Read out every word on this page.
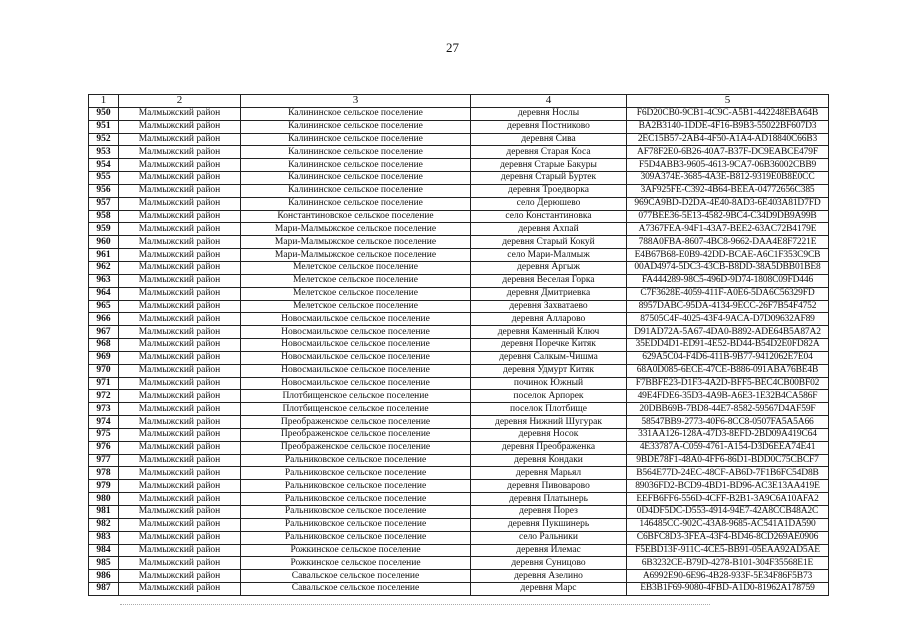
27
1	2	3	4	5
950	Малмыжский район	Калининское сельское поселение	деревня Ноcлы	F6D20CB0-9CB1-4C9C-A5B1-442248EBA64B
951	Малмыжский район	Калининское сельское поселение	деревня Постниково	BA2B3140-1DDE-4F16-B9B3-55022BF607D3
952	Малмыжский район	Калининское сельское поселение	деревня Сива	2EC15B57-2AB4-4F50-A1A4-AD18840C66B3
953	Малмыжский район	Калининское сельское поселение	деревня Старая Коса	AF78F2E0-6B26-40A7-B37F-DC9EABCE479F
954	Малмыжский район	Калининское сельское поселение	деревня Старые Бакуры	F5D4ABB3-9605-4613-9CA7-06B36002CBB9
955	Малмыжский район	Калининское сельское поселение	деревня Старый Буртек	309A374E-3685-4A3E-B812-9319E0B8E0CC
956	Малмыжский район	Калининское сельское поселение	деревня Троедворка	3AF925FE-C392-4B64-BEEA-04772656C385
957	Малмыжский район	Калининское сельское поселение	село Дерюшево	969CA9BD-D2DA-4E40-8AD3-6E403A81D7FD
958	Малмыжский район	Константиновское сельское поселение	село Константиновка	077BEE36-5E13-4582-9BC4-C34D9DB9A99B
959	Малмыжский район	Мари-Малмыжское сельское поселение	деревня Ахпай	A7367FEA-94F1-43A7-BEE2-63AC72B4179E
960	Малмыжский район	Мари-Малмыжское сельское поселение	деревня Старый Кокуй	788A0FBA-8607-4BC8-9662-DAA4E8F7221E
961	Малмыжский район	Мари-Малмыжское сельское поселение	село Мари-Малмыж	E4B67B68-E0B9-42DD-BCAE-A6C1F353C9CB
962	Малмыжский район	Мелетское сельское поселение	деревня Аргыж	00AD4974-5DC3-43CB-B8DD-38A5DBB01BE8
963	Малмыжский район	Мелетское сельское поселение	деревня Веселая Горка	FA444289-98C5-496D-9D74-1808C09FD446
964	Малмыжский район	Мелетское сельское поселение	деревня Дмитриевка	C7F3628E-4059-411F-A0E6-5DA6C56329FD
965	Малмыжский район	Мелетское сельское поселение	деревня Захватаево	8957DABC-95DA-4134-9ECC-26F7B54F4752
966	Малмыжский район	Новосмаильское сельское поселение	деревня Алларово	87505C4F-4025-43F4-9ACA-D7D09632AF89
967	Малмыжский район	Новосмаильское сельское поселение	деревня Каменный Ключ	D91AD72A-5A67-4DA0-B892-ADE64B5A87A2
968	Малмыжский район	Новосмаильское сельское поселение	деревня Поречке Китяк	35EDD4D1-ED91-4E52-BD44-B54D2E0FD82A
969	Малмыжский район	Новосмаильское сельское поселение	деревня Салкым-Чишма	629A5C04-F4D6-411B-9B77-9412062E7E04
970	Малмыжский район	Новосмаильское сельское поселение	деревня Удмурт Китяк	68A0D085-6ECE-47CE-B886-091ABA76BE4B
971	Малмыжский район	Новосмаильское сельское поселение	починок Южный	F7BBFE23-D1F3-4A2D-BFF5-BEC4CB00BF02
972	Малмыжский район	Плотбищенское сельское поселение	поселок Арпорек	49E4FDE6-35D3-4A9B-A6E3-1E32B4CA586F
973	Малмыжский район	Плотбищенское сельское поселение	поселок Плотбище	20DBB69B-7BD8-44E7-8582-59567D4AF59F
974	Малмыжский район	Преображенское сельское поселение	деревня Нижний Шугурак	58547BB9-2773-40F6-8CC8-0507FA5A5A66
975	Малмыжский район	Преображенское сельское поселение	деревня Носок	331AA126-128A-47D3-8EFD-2BD09A419C64
976	Малмыжский район	Преображенское сельское поселение	деревня Преображенка	4E33787A-C059-4761-A154-D3D6EEA74E41
977	Малмыжский район	Ральниковское сельское поселение	деревня Кондаки	9BDE78F1-48A0-4FF6-86D1-BDD0C75CBCF7
978	Малмыжский район	Ральниковское сельское поселение	деревня Марьял	B564E77D-24EC-48CF-AB6D-7F1B6FC54D8B
979	Малмыжский район	Ральниковское сельское поселение	деревня Пивоварово	89036FD2-BCD9-4BD1-BD96-AC3E13AA419E
980	Малмыжский район	Ральниковское сельское поселение	деревня Платынерь	EEFB6FF6-556D-4CFF-B2B1-3A9C6A10AFA2
981	Малмыжский район	Ральниковское сельское поселение	деревня Порез	0D4DF5DC-D553-4914-94E7-42A8CCB48A2C
982	Малмыжский район	Ральниковское сельское поселение	деревня Пукшинерь	146485CC-902C-43A8-9685-AC541A1DA590
983	Малмыжский район	Ральниковское сельское поселение	село Ральники	C6BFC8D3-3FEA-43F4-BD46-8CD269AE0906
984	Малмыжский район	Рожкинское сельское поселение	деревня Илемас	F5EBD13F-911C-4CE5-BB91-05EAA92AD5AE
985	Малмыжский район	Рожкинское сельское поселение	деревня Суницово	6B3232CE-B79D-4278-B101-304F35568E1E
986	Малмыжский район	Савальское сельское поселение	деревня Азелино	A6992E90-6E96-4B28-933F-5E34F86F5B73
987	Малмыжский район	Савальское сельское поселение	деревня Марс	EB3B1F69-9080-4FBD-A1D0-81962A178759
